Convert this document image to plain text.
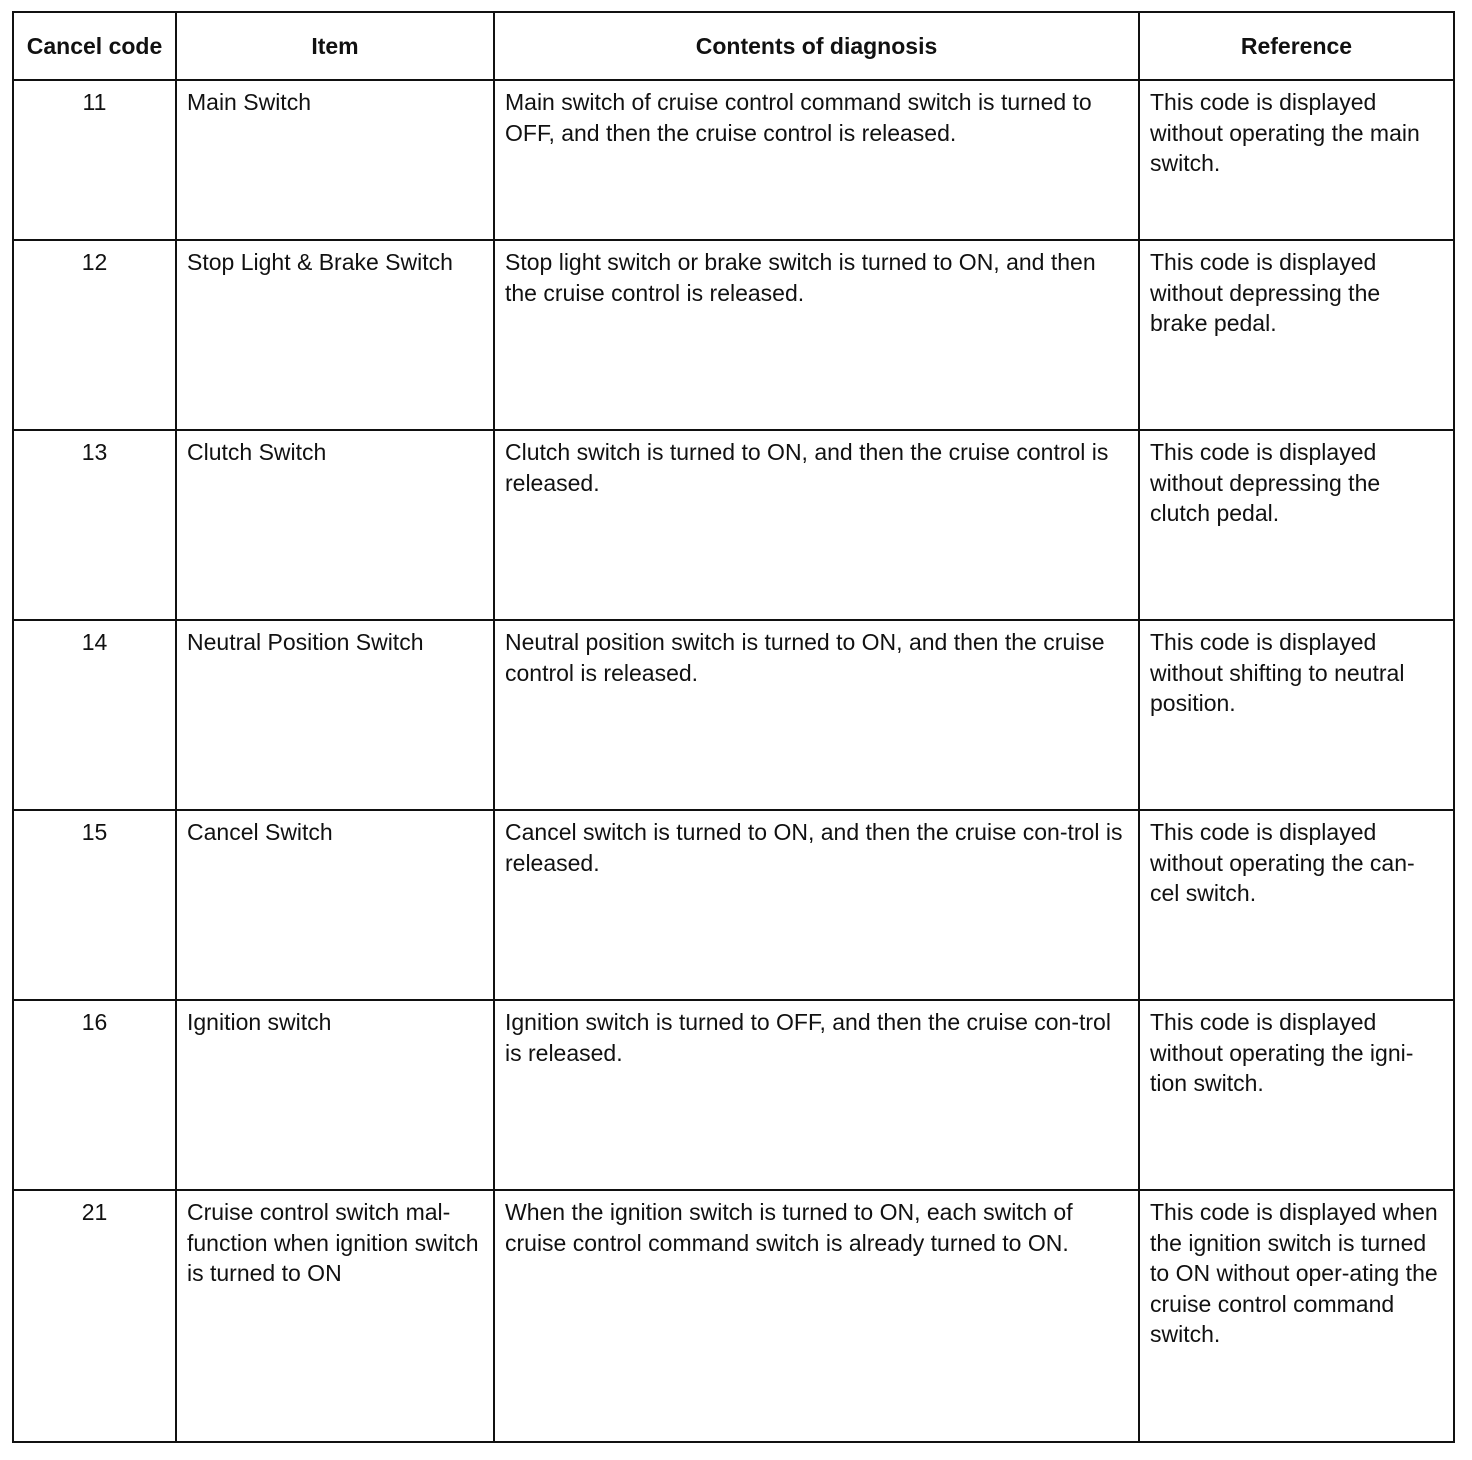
Cancel code	Item	Contents of diagnosis	Reference
11	Main Switch	Main switch of cruise control command switch is turned to OFF, and then the cruise control is released.	This code is displayed without operating the main switch.
12	Stop Light & Brake Switch	Stop light switch or brake switch is turned to ON, and then the cruise control is released.	This code is displayed without depressing the brake pedal.
13	Clutch Switch	Clutch switch is turned to ON, and then the cruise control is released.	This code is displayed without depressing the clutch pedal.
14	Neutral Position Switch	Neutral position switch is turned to ON, and then the cruise control is released.	This code is displayed without shifting to neutral position.
15	Cancel Switch	Cancel switch is turned to ON, and then the cruise con-trol is released.	This code is displayed without operating the can-cel switch.
16	Ignition switch	Ignition switch is turned to OFF, and then the cruise con-trol is released.	This code is displayed without operating the igni-tion switch.
21	Cruise control switch mal-function when ignition switch is turned to ON	When the ignition switch is turned to ON, each switch of cruise control command switch is already turned to ON.	This code is displayed when the ignition switch is turned to ON without oper-ating the cruise control command switch.
